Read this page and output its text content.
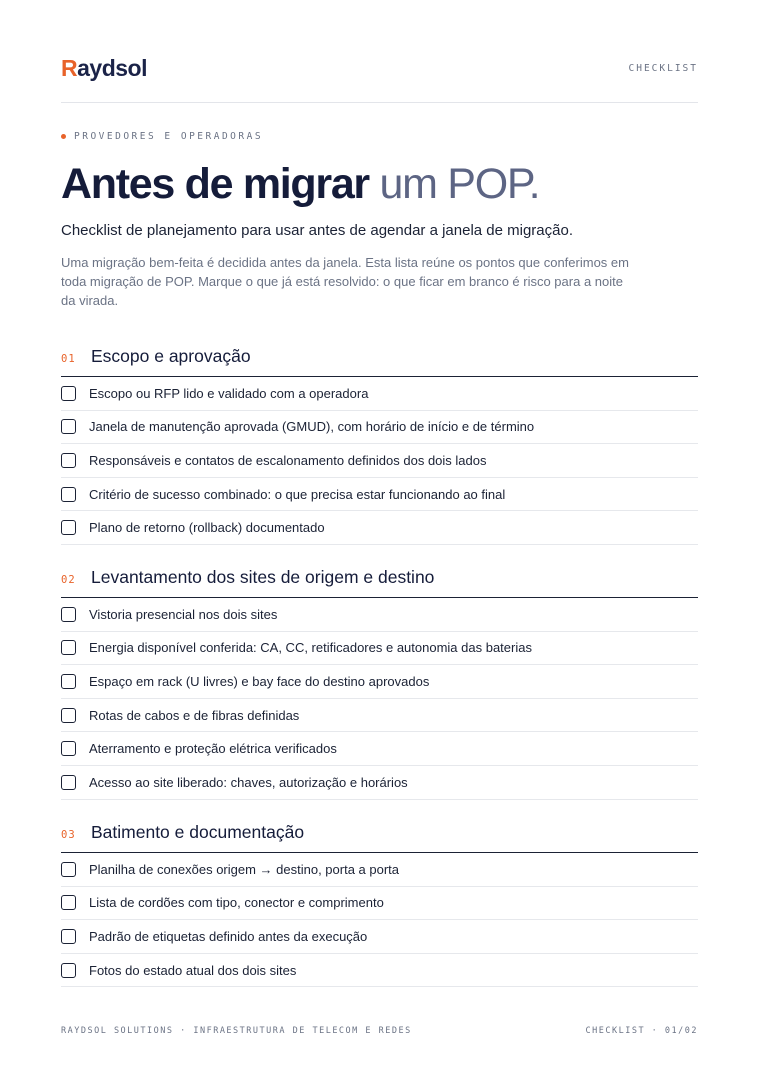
Raydsol	CHECKLIST
PROVEDORES E OPERADORAS
Antes de migrar um POP.

Checklist de planejamento para usar antes de agendar a janela de migração.

Uma migração bem-feita é decidida antes da janela. Esta lista reúne os pontos que conferimos em toda migração de POP. Marque o que já está resolvido: o que ficar em branco é risco para a noite da virada.

01 Escopo e aprovação
Escopo ou RFP lido e validado com a operadora
Janela de manutenção aprovada (GMUD), com horário de início e de término
Responsáveis e contatos de escalonamento definidos dos dois lados
Critério de sucesso combinado: o que precisa estar funcionando ao final
Plano de retorno (rollback) documentado
02 Levantamento dos sites de origem e destino
Vistoria presencial nos dois sites
Energia disponível conferida: CA, CC, retificadores e autonomia das baterias
Espaço em rack (U livres) e bay face do destino aprovados
Rotas de cabos e de fibras definidas
Aterramento e proteção elétrica verificados
Acesso ao site liberado: chaves, autorização e horários
03 Batimento e documentação
Planilha de conexões origem → destino, porta a porta
Lista de cordões com tipo, conector e comprimento
Padrão de etiquetas definido antes da execução
Fotos do estado atual dos dois sites
RAYDSOL SOLUTIONS · INFRAESTRUTURA DE TELECOM E REDES	CHECKLIST · 01/02
